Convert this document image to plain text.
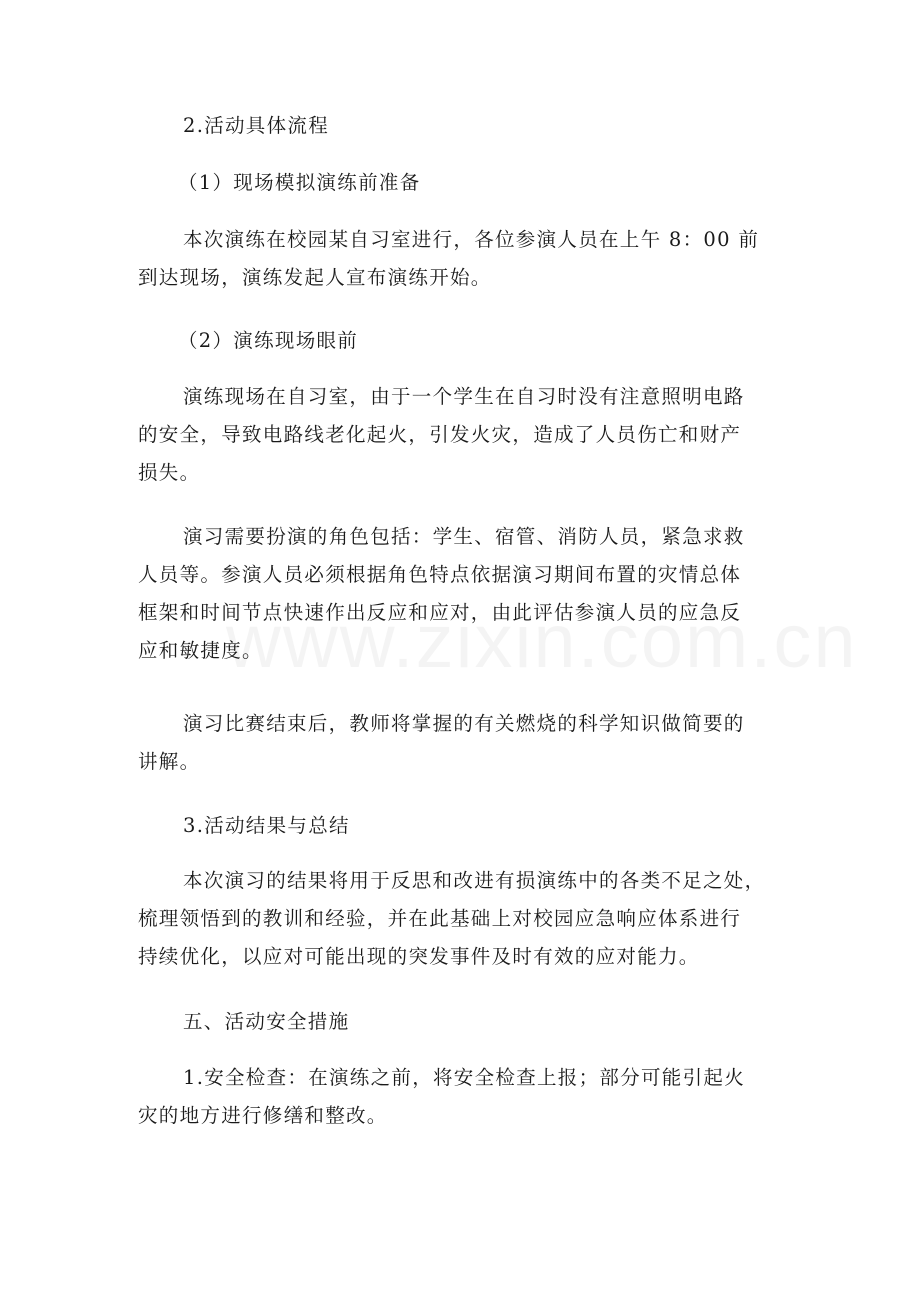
2.活动具体流程
（1）现场模拟演练前准备
本次演练在校园某自习室进行，各位参演人员在上午 8：00 前
到达现场，演练发起人宣布演练开始。
（2）演练现场眼前
演练现场在自习室，由于一个学生在自习时没有注意照明电路
的安全，导致电路线老化起火，引发火灾，造成了人员伤亡和财产
损失。
演习需要扮演的角色包括：学生、宿管、消防人员，紧急求救
人员等。参演人员必须根据角色特点依据演习期间布置的灾情总体
框架和时间节点快速作出反应和应对，由此评估参演人员的应急反
应和敏捷度。
演习比赛结束后，教师将掌握的有关燃烧的科学知识做简要的
讲解。
3.活动结果与总结
本次演习的结果将用于反思和改进有损演练中的各类不足之处，
梳理领悟到的教训和经验，并在此基础上对校园应急响应体系进行
持续优化，以应对可能出现的突发事件及时有效的应对能力。
五、活动安全措施
1.安全检查：在演练之前，将安全检查上报；部分可能引起火
灾的地方进行修缮和整改。
